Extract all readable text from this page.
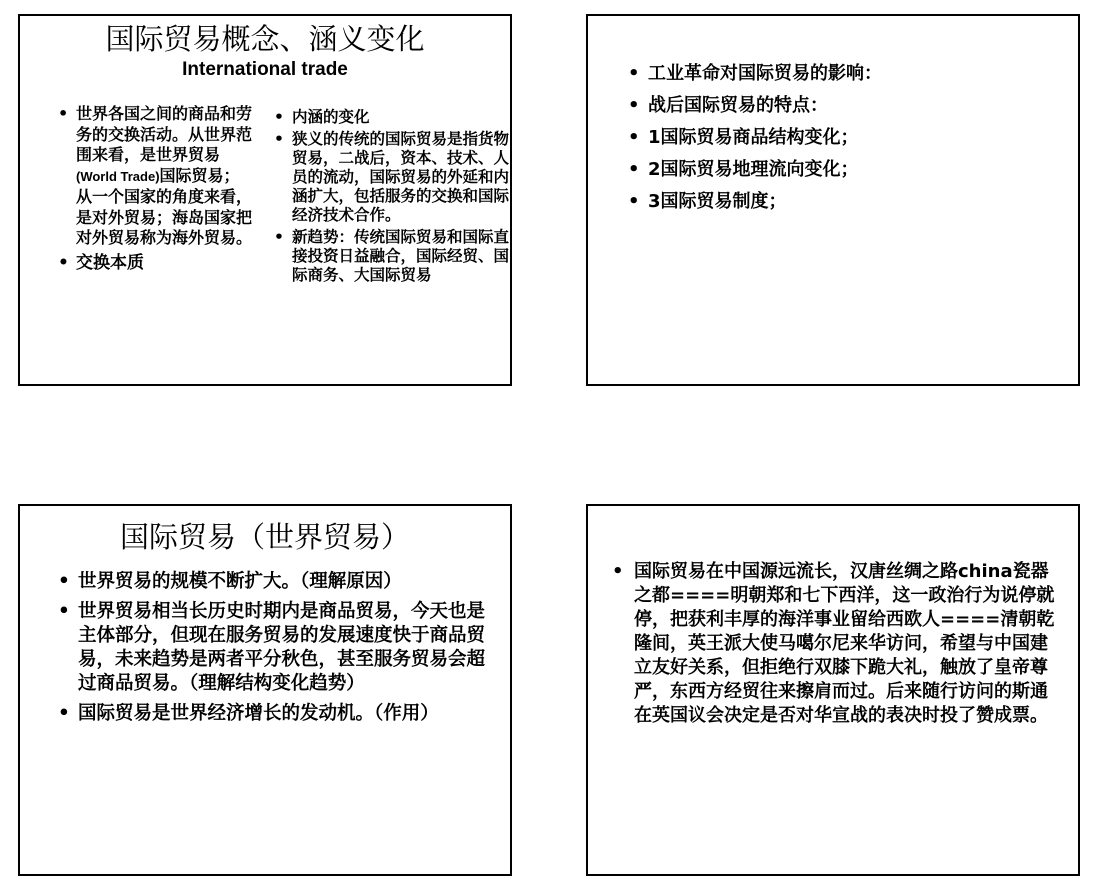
国际贸易概念、涵义变化
International trade
• 世界各国之间的商品和劳务的交换活动。从世界范围来看，是世界贸易(World Trade)国际贸易；从一个国家的角度来看，是对外贸易；海岛国家把对外贸易称为海外贸易。
• 交换本质
• 内涵的变化
• 狭义的传统的国际贸易是指货物贸易，二战后，资本、技术、人员的流动，国际贸易的外延和内涵扩大，包括服务的交换和国际经济技术合作。
• 新趋势：传统国际贸易和国际直接投资日益融合，国际经贸、国际商务、大国际贸易
• 工业革命对国际贸易的影响：
• 战后国际贸易的特点：
• 1国际贸易商品结构变化；
• 2国际贸易地理流向变化；
• 3国际贸易制度；
国际贸易（世界贸易）
• 世界贸易的规模不断扩大。（理解原因）
• 世界贸易相当长历史时期内是商品贸易，今天也是主体部分，但现在服务贸易的发展速度快于商品贸易，未来趋势是两者平分秋色，甚至服务贸易会超过商品贸易。（理解结构变化趋势）
• 国际贸易是世界经济增长的发动机。（作用）
• 国际贸易在中国源远流长，汉唐丝绸之路china瓷器之都====明朝郑和七下西洋，这一政治行为说停就停，把获利丰厚的海洋事业留给西欧人====清朝乾隆间，英王派大使马噶尔尼来华访问，希望与中国建立友好关系，但拒绝行双膝下跪大礼，触放了皇帝尊严，东西方经贸往来擦肩而过。后来随行访问的斯通在英国议会决定是否对华宣战的表决时投了赞成票。
